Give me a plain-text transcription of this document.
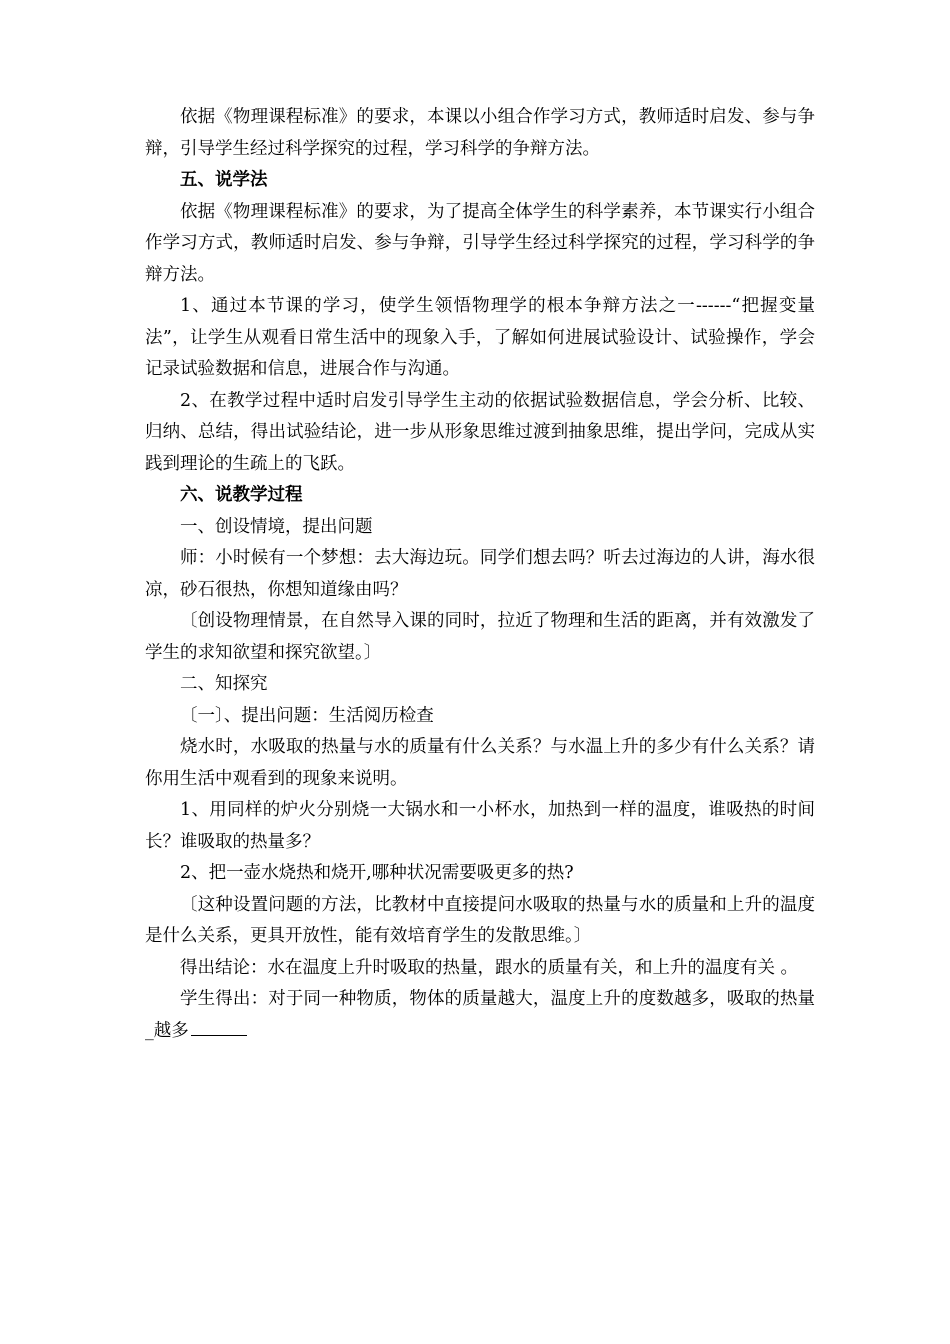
依据《物理课程标准》的要求，本课以小组合作学习方式，教师适时启发、参与争辩，引导学生经过科学探究的过程，学习科学的争辩方法。

五、说学法

依据《物理课程标准》的要求，为了提高全体学生的科学素养，本节课实行小组合作学习方式，教师适时启发、参与争辩，引导学生经过科学探究的过程，学习科学的争辩方法。

1、通过本节课的学习，使学生领悟物理学的根本争辩方法之一------“把握变量法”，让学生从观看日常生活中的现象入手，了解如何进展试验设计、试验操作，学会记录试验数据和信息，进展合作与沟通。

2、在教学过程中适时启发引导学生主动的依据试验数据信息，学会分析、比较、归纳、总结，得出试验结论，进一步从形象思维过渡到抽象思维，提出学问，完成从实践到理论的生疏上的飞跃。

六、说教学过程

一、创设情境，提出问题

师：小时候有一个梦想：去大海边玩。同学们想去吗？听去过海边的人讲，海水很凉，砂石很热，你想知道缘由吗？

〔创设物理情景，在自然导入课的同时，拉近了物理和生活的距离，并有效激发了学生的求知欲望和探究欲望。〕

二、知探究

〔一〕、提出问题：生活阅历检查

烧水时，水吸取的热量与水的质量有什么关系？与水温上升的多少有什么关系？请你用生活中观看到的现象来说明。

1、用同样的炉火分别烧一大锅水和一小杯水，加热到一样的温度，谁吸热的时间长？谁吸取的热量多？

2、把一壶水烧热和烧开,哪种状况需要吸更多的热?

〔这种设置问题的方法，比教材中直接提问水吸取的热量与水的质量和上升的温度是什么关系，更具开放性，能有效培育学生的发散思维。〕

得出结论：水在温度上升时吸取的热量，跟水的质量有关，和上升的温度有关 。

学生得出：对于同一种物质，物体的质量越大，温度上升的度数越多，吸取的热量_越多
